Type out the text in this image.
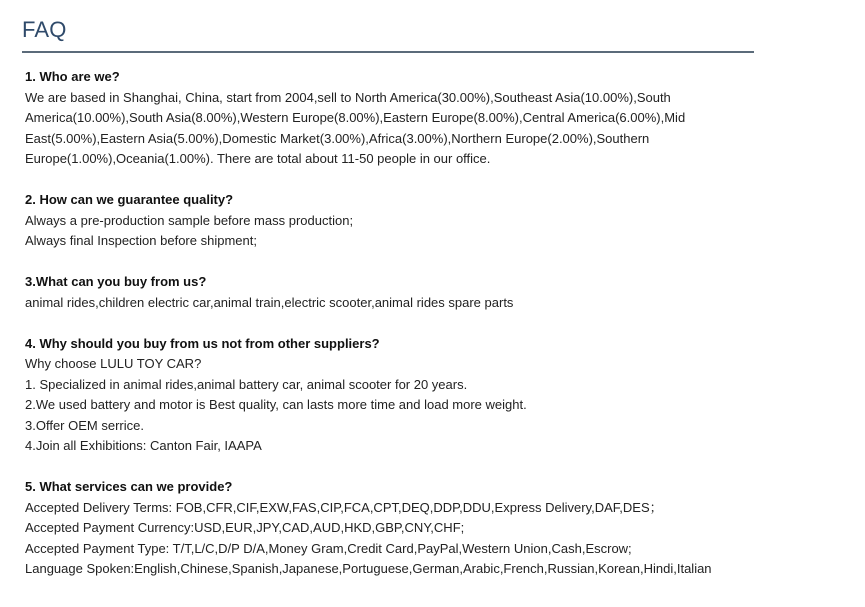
FAQ
1. Who are we?
We are based in Shanghai, China, start from 2004,sell to North America(30.00%),Southeast Asia(10.00%),South
America(10.00%),South Asia(8.00%),Western Europe(8.00%),Eastern Europe(8.00%),Central America(6.00%),Mid
East(5.00%),Eastern Asia(5.00%),Domestic Market(3.00%),Africa(3.00%),Northern Europe(2.00%),Southern
Europe(1.00%),Oceania(1.00%). There are total about 11-50 people in our office.
2. How can we guarantee quality?
Always a pre-production sample before mass production;
Always final Inspection before shipment;
3.What can you buy from us?
animal rides,children electric car,animal train,electric scooter,animal rides spare parts
4. Why should you buy from us not from other suppliers?
Why choose LULU TOY CAR?
1. Specialized in animal rides,animal battery car, animal scooter for 20 years.
2.We used battery and motor is Best quality, can lasts more time and load more weight.
3.Offer OEM serrice.
4.Join all Exhibitions: Canton Fair, IAAPA
5. What services can we provide?
Accepted Delivery Terms: FOB,CFR,CIF,EXW,FAS,CIP,FCA,CPT,DEQ,DDP,DDU,Express Delivery,DAF,DES；
Accepted Payment Currency:USD,EUR,JPY,CAD,AUD,HKD,GBP,CNY,CHF;
Accepted Payment Type: T/T,L/C,D/P D/A,Money Gram,Credit Card,PayPal,Western Union,Cash,Escrow;
Language Spoken:English,Chinese,Spanish,Japanese,Portuguese,German,Arabic,French,Russian,Korean,Hindi,Italian
